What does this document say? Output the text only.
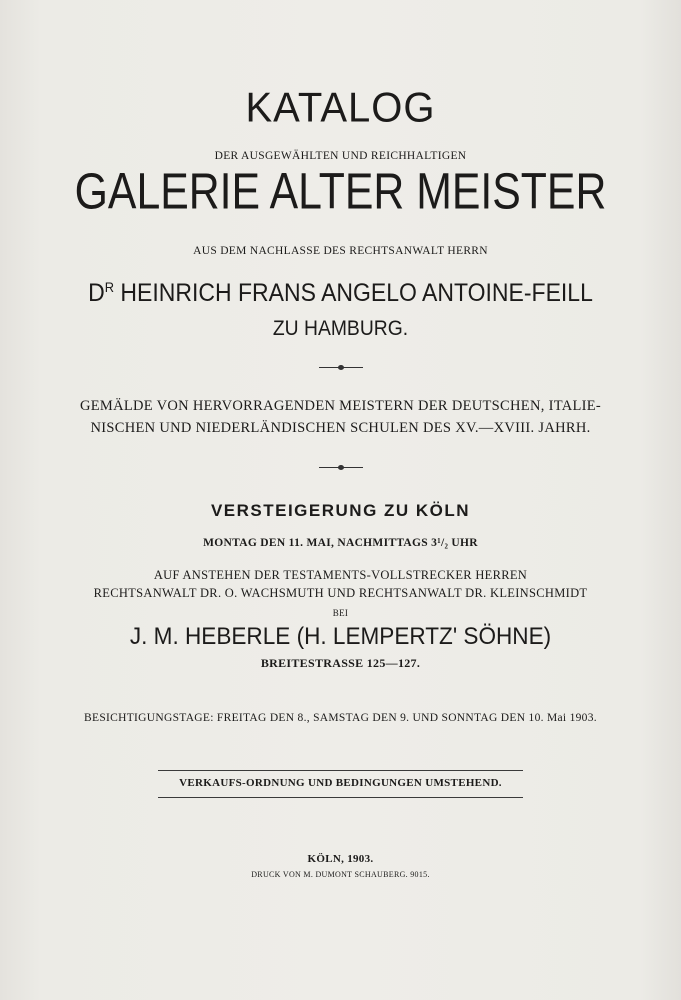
KATALOG
DER AUSGEWÄHLTEN UND REICHHALTIGEN
GALERIE ALTER MEISTER
AUS DEM NACHLASSE DES RECHTSANWALT HERRN
$D^R$ HEINRICH FRANS ANGELO ANTOINE-FEILL
ZU HAMBURG.
GEMÄLDE VON HERVORRAGENDEN MEISTERN DER DEUTSCHEN, ITALIE-
NISCHEN UND NIEDERLÄNDISCHEN SCHULEN DES XV.—XVIII. JAHRH.
VERSTEIGERUNG ZU KÖLN
MONTAG DEN 11. MAI, NACHMITTAGS 3¹/₂ UHR
AUF ANSTEHEN DER TESTAMENTS-VOLLSTRECKER HERREN
RECHTSANWALT DR. O. WACHSMUTH UND RECHTSANWALT DR. KLEINSCHMIDT
BEI
J. M. HEBERLE (H. LEMPERTZ' SÖHNE)
BREITESTRASSE 125—127.
BESICHTIGUNGSTAGE: FREITAG DEN 8., SAMSTAG DEN 9. UND SONNTAG DEN 10. Mai 1903.
VERKAUFS-ORDNUNG UND BEDINGUNGEN UMSTEHEND.
KÖLN, 1903.
DRUCK VON M. DUMONT SCHAUBERG. 9015.
